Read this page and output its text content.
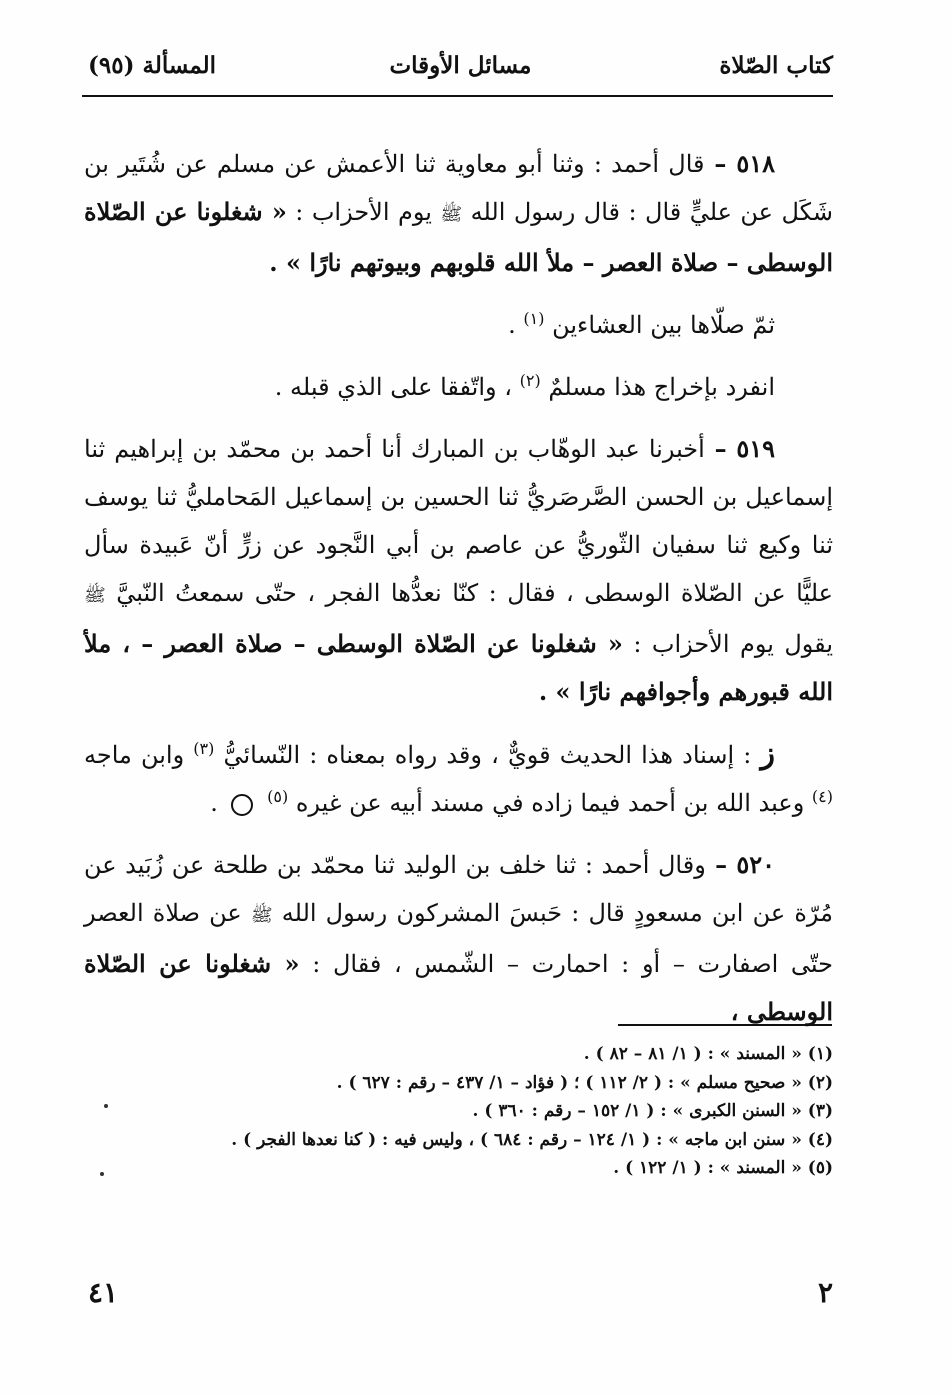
كتاب الصّلاة
مسائل الأوقات
المسألة (٩٥)

٥١٨ – قال أحمد : وثنا أبو معاوية ثنا الأعمش عن مسلم عن شُتَير بن شَكَل عن عليٍّ قال : قال رسول الله ﷺ يوم الأحزاب : « شغلونا عن الصّلاة الوسطى – صلاة العصر – ملأ الله قلوبهم وبيوتهم نارًا » .

ثمّ صلّاها بين العشاءين $^{(١)}$ .

انفرد بإخراج هذا مسلمٌ $^{(٢)}$ ، واتّفقا على الذي قبله .

٥١٩ – أخبرنا عبد الوهّاب بن المبارك أنا أحمد بن محمّد بن إبراهيم ثنا إسماعيل بن الحسن الصَّرصَريُّ ثنا الحسين بن إسماعيل المَحامليُّ ثنا يوسف ثنا وكيع ثنا سفيان الثّوريُّ عن عاصم بن أبي النَّجود عن زرٍّ أنّ عَبيدة سأل عليًّا عن الصّلاة الوسطى ، فقال : كنّا نعدُّها الفجر ، حتّى سمعتُ النّبيَّ ﷺ يقول يوم الأحزاب : « شغلونا عن الصّلاة الوسطى – صلاة العصر – ، ملأ الله قبورهم وأجوافهم نارًا » .

ز : إسناد هذا الحديث قويٌّ ، وقد رواه بمعناه : النّسائيُّ $^{(٣)}$ وابن ماجه $^{(٤)}$ وعبد الله بن أحمد فيما زاده في مسند أبيه عن غيره $^{(٥)}$  .

٥٢٠ – وقال أحمد : ثنا خلف بن الوليد ثنا محمّد بن طلحة عن زُبَيد عن مُرّة عن ابن مسعودٍ قال : حَبسَ المشركون رسول الله ﷺ عن صلاة العصر حتّى اصفارت – أو : احمارت – الشّمس ، فقال : « شغلونا عن الصّلاة الوسطى ،

(١) « المسند » : ( ١/ ٨١ – ٨٢ ) .
(٢) « صحيح مسلم » : ( ٢/ ١١٢ ) ؛ ( فؤاد – ١/ ٤٣٧ – رقم : ٦٢٧ ) .
(٣) « السنن الكبرى » : ( ١/ ١٥٢ – رقم : ٣٦٠ ) .
(٤) « سنن ابن ماجه » : ( ١/ ١٢٤ – رقم : ٦٨٤ ) ، وليس فيه : ( كنا نعدها الفجر ) .
(٥) « المسند » : ( ١/ ١٢٢ ) .
٢
٤١
